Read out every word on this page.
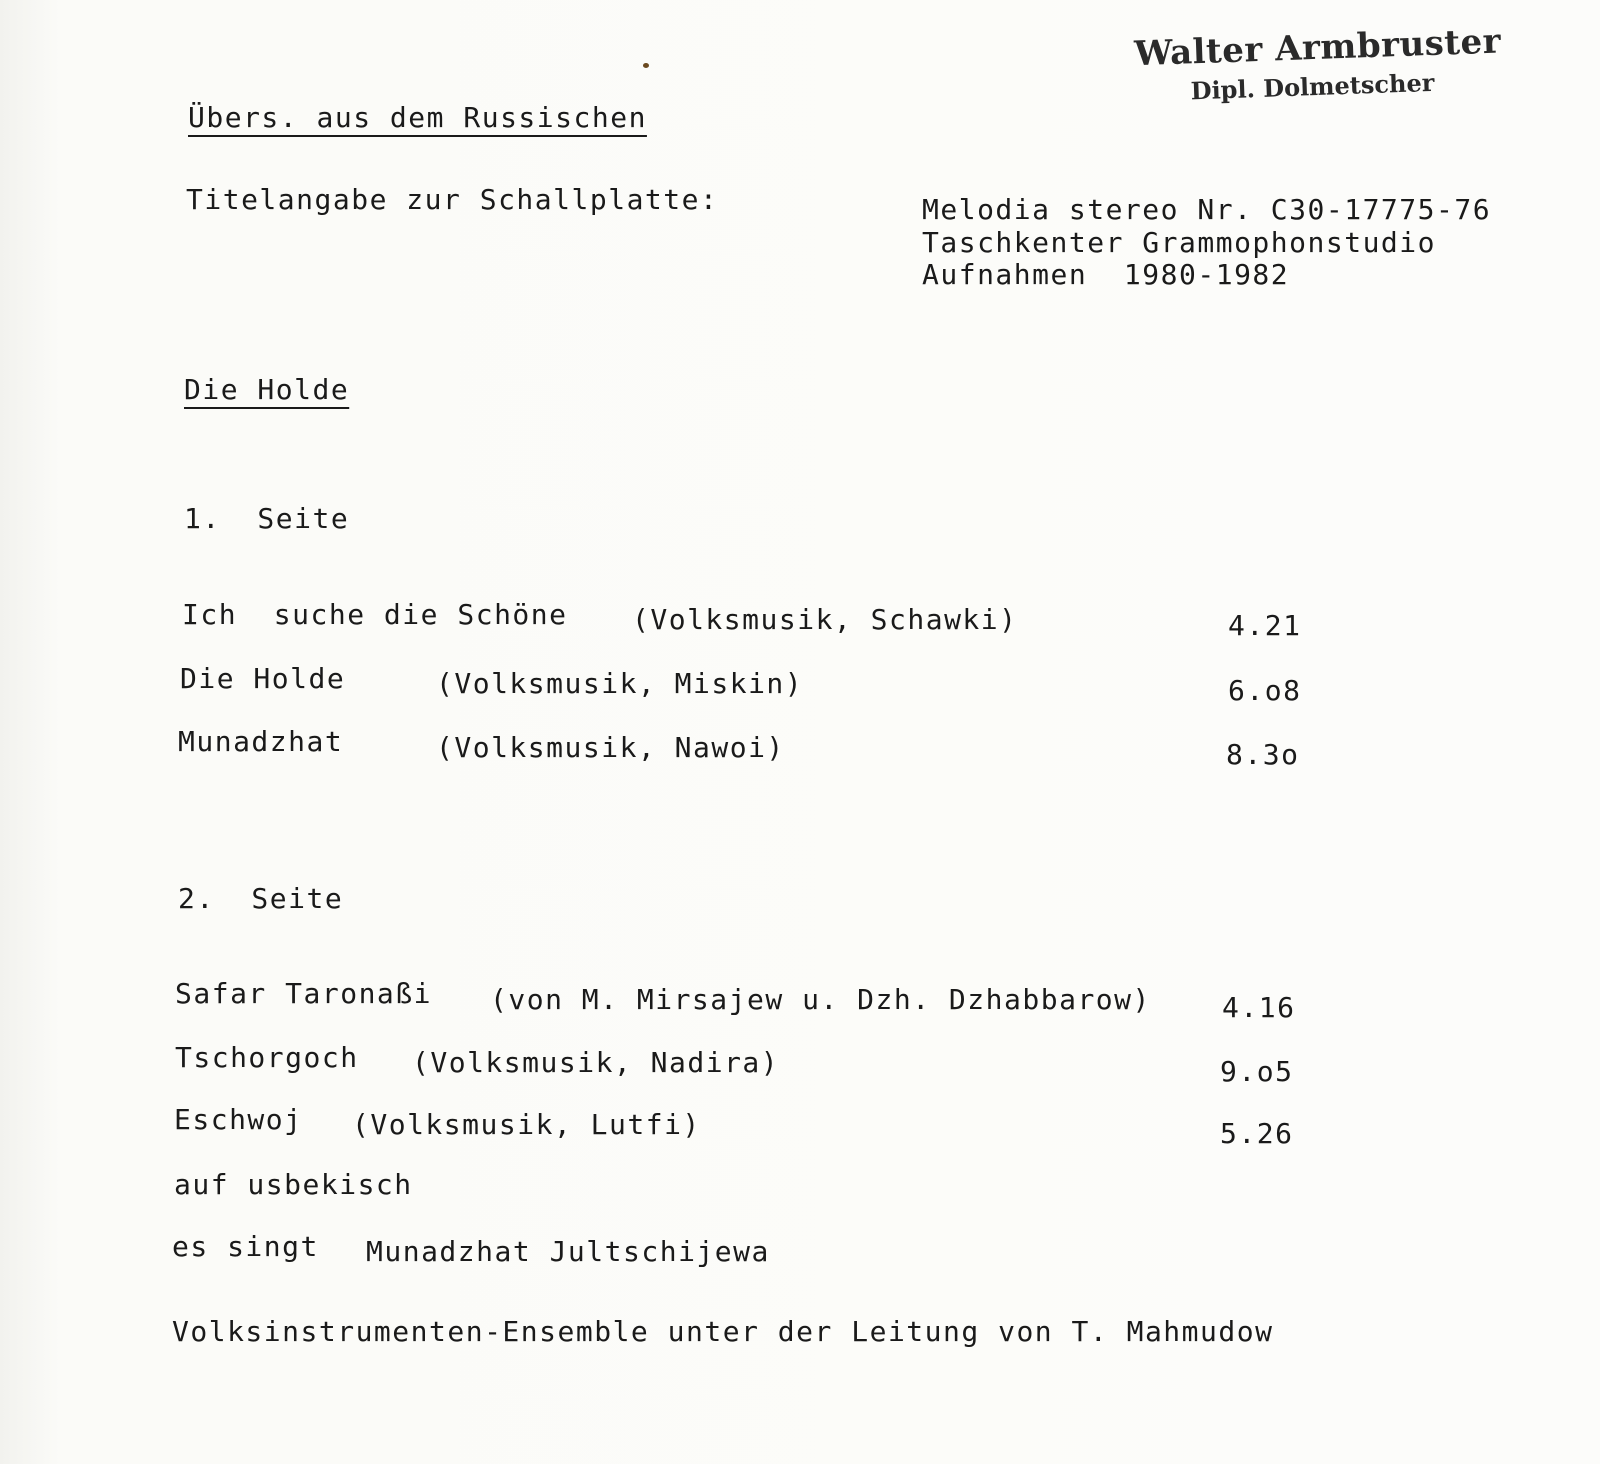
Walter Armbruster
Dipl. Dolmetscher
Übers. aus dem Russischen
Titelangabe zur Schallplatte:	Melodia stereo Nr. C30-17775-76
Taschkenter Grammophonstudio
Aufnahmen  1980-1982
Die Holde
1.  Seite
Ich  suche die Schöne (Volksmusik, Schawki)	4.21
Die Holde	(Volksmusik, Miskin)	6.o8
Munadzhat	(Volksmusik, Nawoi)	8.3o
2.  Seite
Safar Taronaßi (von M. Mirsajew u. Dzh. Dzhabbarow)	4.16
Tschorgoch (Volksmusik, Nadira)	9.o5
Eschwoj (Volksmusik, Lutfi)	5.26
auf usbekisch
es singt Munadzhat Jultschijewa
Volksinstrumenten-Ensemble unter der Leitung von T. Mahmudow
